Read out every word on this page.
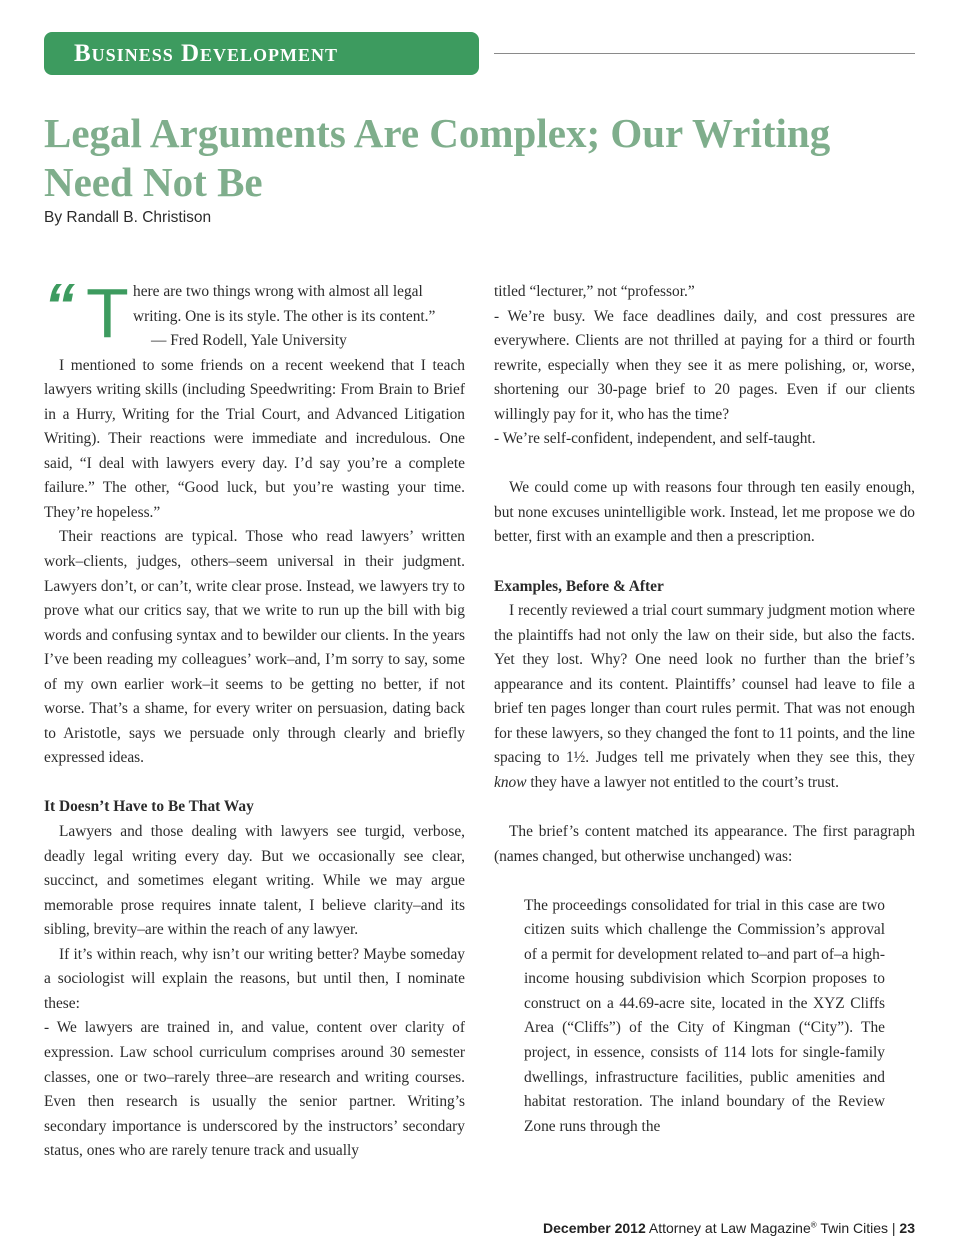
Business Development
Legal Arguments Are Complex; Our Writing Need Not Be
By Randall B. Christison
“ T here are two things wrong with almost all legal

writing. One is its style. The other is its content.”

— Fred Rodell, Yale University

I mentioned to some friends on a recent weekend that I teach lawyers writing skills (including Speedwriting: From Brain to Brief in a Hurry, Writing for the Trial Court, and Advanced Litigation Writing). Their reactions were immediate and incredulous. One said, “I deal with lawyers every day. I’d say you’re a complete failure.” The other, “Good luck, but you’re wasting your time. They’re hopeless.”

Their reactions are typical. Those who read lawyers’ written work–clients, judges, others–seem universal in their judgment. Lawyers don’t, or can’t, write clear prose. Instead, we lawyers try to prove what our critics say, that we write to run up the bill with big words and confusing syntax and to bewilder our clients. In the years I’ve been reading my colleagues’ work–and, I’m sorry to say, some of my own earlier work–it seems to be getting no better, if not worse. That’s a shame, for every writer on persuasion, dating back to Aristotle, says we persuade only through clearly and briefly expressed ideas.

It Doesn’t Have to Be That Way

Lawyers and those dealing with lawyers see turgid, verbose, deadly legal writing every day. But we occasionally see clear, succinct, and sometimes elegant writing. While we may argue memorable prose requires innate talent, I believe clarity–and its sibling, brevity–are within the reach of any lawyer.

If it’s within reach, why isn’t our writing better? Maybe someday a sociologist will explain the reasons, but until then, I nominate these:

- We lawyers are trained in, and value, content over clarity of expression. Law school curriculum comprises around 30 semester classes, one or two–rarely three–are research and writing courses. Even then research is usually the senior partner. Writing’s secondary importance is underscored by the instructors’ secondary status, ones who are rarely tenure track and usually

titled “lecturer,” not “professor.”

- We’re busy. We face deadlines daily, and cost pressures are everywhere. Clients are not thrilled at paying for a third or fourth rewrite, especially when they see it as mere polishing, or, worse, shortening our 30-page brief to 20 pages. Even if our clients willingly pay for it, who has the time?

- We’re self-confident, independent, and self-taught.

We could come up with reasons four through ten easily enough, but none excuses unintelligible work. Instead, let me propose we do better, first with an example and then a prescription.

Examples, Before & After

I recently reviewed a trial court summary judgment motion where the plaintiffs had not only the law on their side, but also the facts. Yet they lost. Why? One need look no further than the brief’s appearance and its content. Plaintiffs’ counsel had leave to file a brief ten pages longer than court rules permit. That was not enough for these lawyers, so they changed the font to 11 points, and the line spacing to 1½. Judges tell me privately when they see this, they know they have a lawyer not entitled to the court’s trust.

The brief’s content matched its appearance. The first paragraph (names changed, but otherwise unchanged) was:

The proceedings consolidated for trial in this case are two citizen suits which challenge the Commission’s approval of a permit for development related to–and part of–a high-income housing subdivision which Scorpion proposes to construct on a 44.69-acre site, located in the XYZ Cliffs Area (“Cliffs”) of the City of Kingman (“City”). The project, in essence, consists of 114 lots for single-family dwellings, infrastructure facilities, public amenities and habitat restoration. The inland boundary of the Review Zone runs through the

December 2012 Attorney at Law Magazine® Twin Cities | 23
